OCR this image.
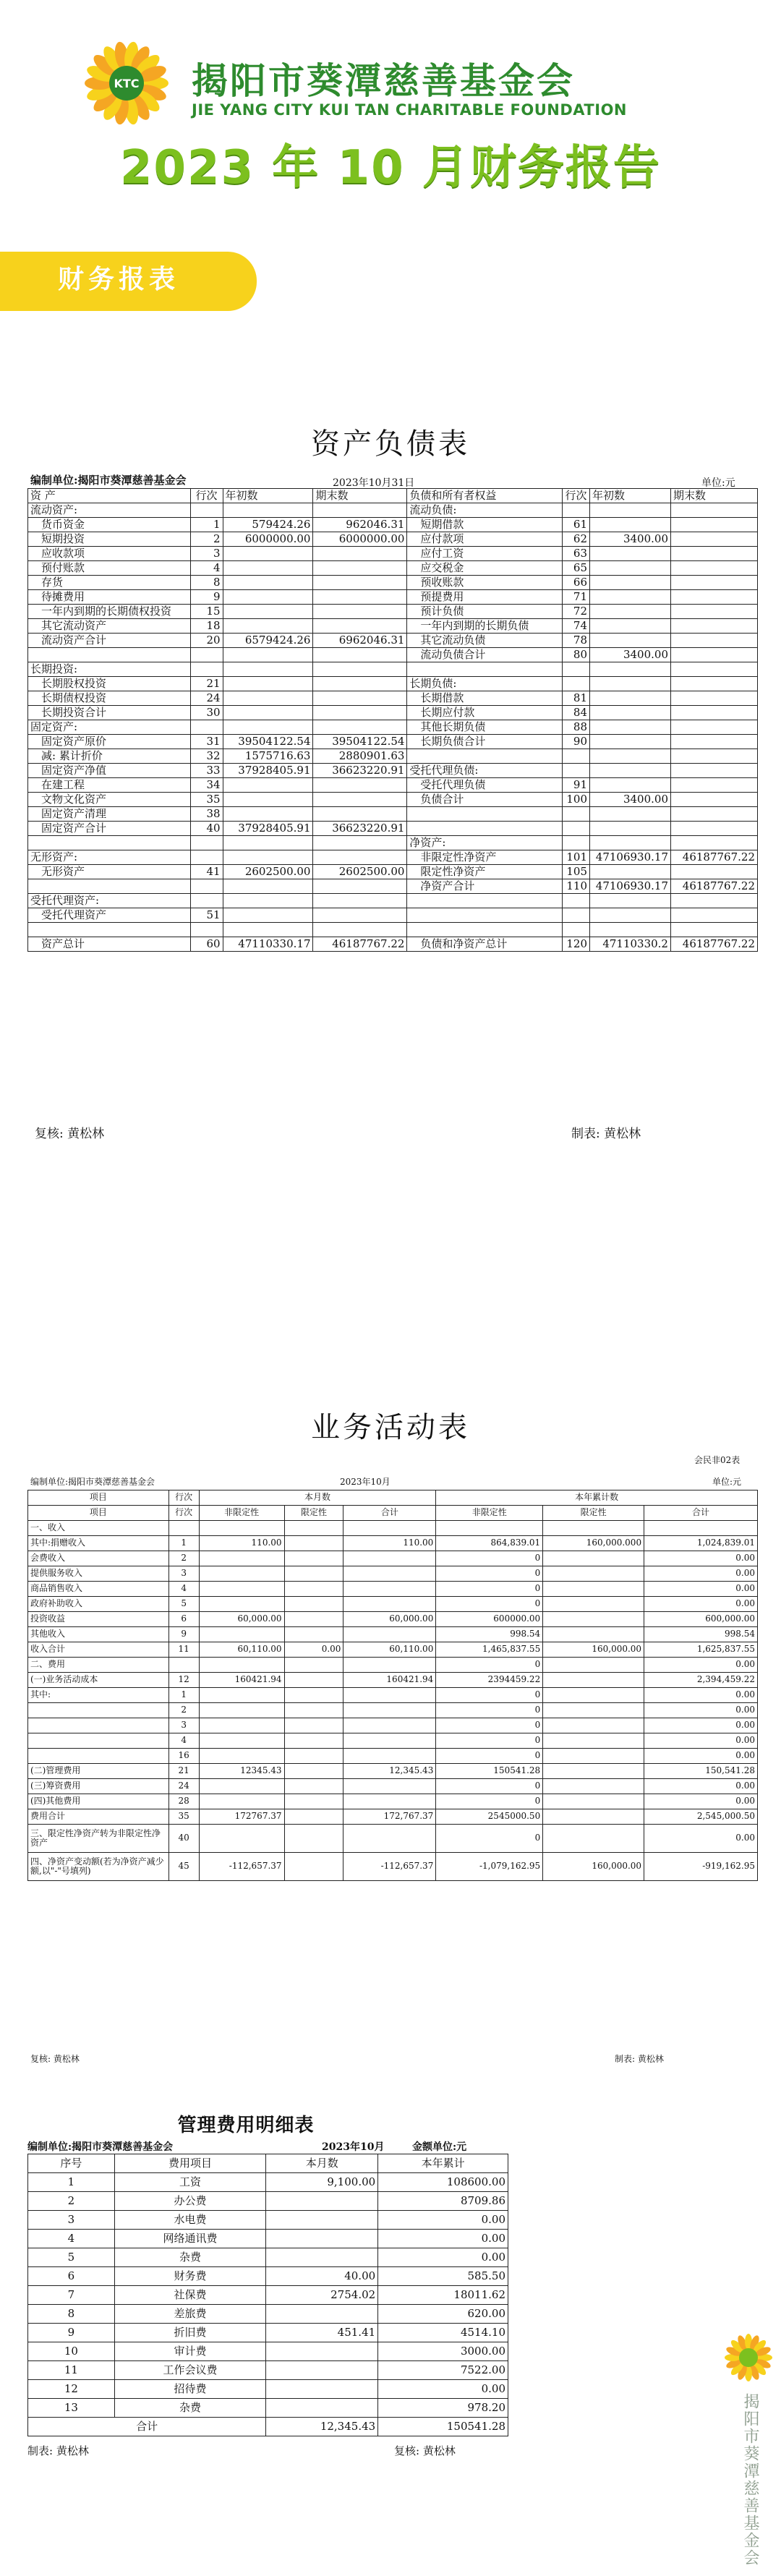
KTC 揭阳市葵潭慈善基金会
JIE YANG CITY KUI TAN CHARITABLE FOUNDATION
2023 年 10 月财务报告
财务报表
资产负债表
编制单位:揭阳市葵潭慈善基金会	2023年10月31日	单位:元
资 产	行次	年初数	期末数	负债和所有者权益	行次	年初数	期末数
流动资产:				流动负债:			
货币资金	1	579424.26	962046.31	短期借款	61		
短期投资	2	6000000.00	6000000.00	应付款项	62	3400.00	
应收款项	3			应付工资	63		
预付账款	4			应交税金	65		
存货	8			预收账款	66		
待摊费用	9			预提费用	71		
一年内到期的长期债权投资	15			预计负债	72		
其它流动资产	18			一年内到期的长期负债	74		
流动资产合计	20	6579424.26	6962046.31	其它流动负债	78		
				流动负债合计	80	3400.00	
长期投资:							
长期股权投资	21			长期负债:			
长期债权投资	24			长期借款	81		
长期投资合计	30			长期应付款	84		
固定资产:				其他长期负债	88		
固定资产原价	31	39504122.54	39504122.54	长期负债合计	90		
减: 累计折价	32	1575716.63	2880901.63				
固定资产净值	33	37928405.91	36623220.91	受托代理负债:			
在建工程	34			受托代理负债	91		
文物文化资产	35			负债合计	100	3400.00	
固定资产清理	38						
固定资产合计	40	37928405.91	36623220.91				
				净资产:			
无形资产:				非限定性净资产	101	47106930.17	46187767.22
无形资产	41	2602500.00	2602500.00	限定性净资产	105		
				净资产合计	110	47106930.17	46187767.22
受托代理资产:							
受托代理资产	51						

资产总计	60	47110330.17	46187767.22	负债和净资产总计	120	47110330.2	46187767.22
复核: 黄松林	制表: 黄松林
业务活动表
会民非02表
编制单位:揭阳市葵潭慈善基金会	2023年10月	单位:元
项目	行次	本月数			本年累计数		
项目	行次	非限定性	限定性	合计	非限定性	限定性	合计
一、收入							
其中:捐赠收入	1	110.00		110.00	864,839.01	160,000.000	1,024,839.01
会费收入	2				0		0.00
提供服务收入	3				0		0.00
商品销售收入	4				0		0.00
政府补助收入	5				0		0.00
投资收益	6	60,000.00		60,000.00	600000.00		600,000.00
其他收入	9				998.54		998.54
收入合计	11	60,110.00	0.00	60,110.00	1,465,837.55	160,000.00	1,625,837.55
二、费用					0		0.00
(一)业务活动成本	12	160421.94		160421.94	2394459.22		2,394,459.22
其中:	1				0		0.00
	2				0		0.00
	3				0		0.00
	4				0		0.00
	16				0		0.00
(二)管理费用	21	12345.43		12,345.43	150541.28		150,541.28
(三)筹资费用	24				0		0.00
(四)其他费用	28				0		0.00
费用合计	35	172767.37		172,767.37	2545000.50		2,545,000.50
三、限定性净资产转为非限定性净资产	40				0		0.00
四、净资产变动额(若为净资产减少额,以"-"号填列)	45	-112,657.37		-112,657.37	-1,079,162.95	160,000.00	-919,162.95
复核: 黄松林	制表: 黄松林
管理费用明细表
编制单位:揭阳市葵潭慈善基金会	2023年10月	金额单位:元
序号	费用项目	本月数	本年累计
1	工资	9,100.00	108600.00
2	办公费		8709.86
3	水电费		0.00
4	网络通讯费		0.00
5	杂费		0.00
6	财务费	40.00	585.50
7	社保费	2754.02	18011.62
8	差旅费		620.00
9	折旧费	451.41	4514.10
10	审计费		3000.00
11	工作会议费		7522.00
12	招待费		0.00
13	杂费		978.20
合计		12,345.43	150541.28
制表: 黄松林	复核: 黄松林	揭阳市葵潭慈善基金会
